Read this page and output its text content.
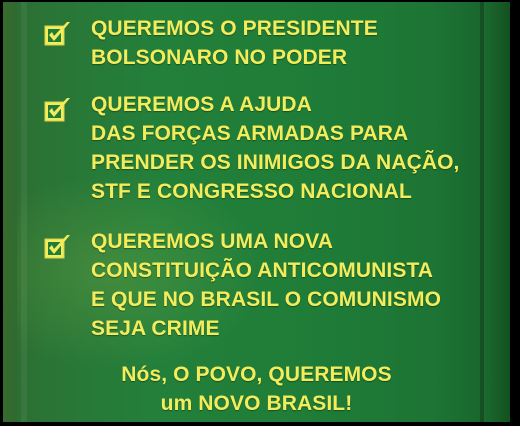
QUEREMOS O PRESIDENTE
BOLSONARO NO PODER
QUEREMOS A AJUDA
DAS FORÇAS ARMADAS PARA
PRENDER OS INIMIGOS DA NAÇÃO,
STF E CONGRESSO NACIONAL
QUEREMOS UMA NOVA
CONSTITUIÇÃO ANTICOMUNISTA
E QUE NO BRASIL O COMUNISMO
SEJA CRIME
Nós, O POVO, QUEREMOS
um NOVO BRASIL!
